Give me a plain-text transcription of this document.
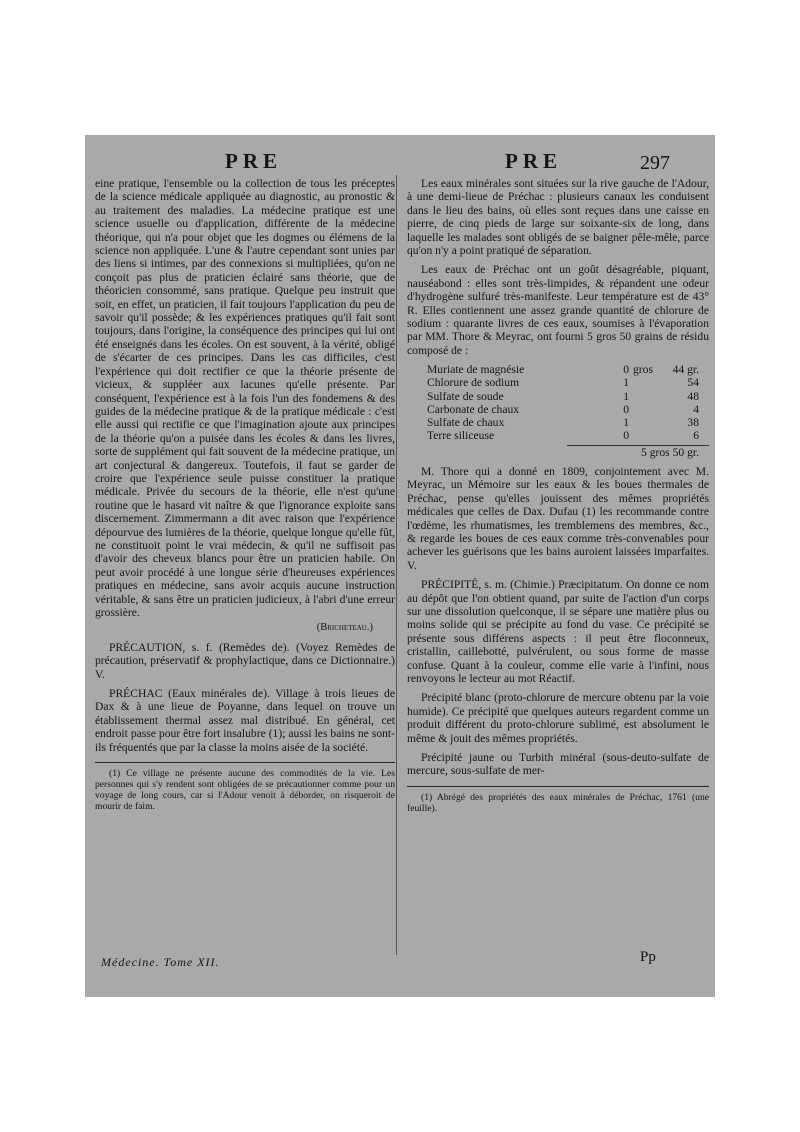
PRE	PRE	297

eine pratique, l'ensemble ou la collection de tous les préceptes de la science médicale appliquée au diagnostic, au pronostic & au traitement des maladies. La médecine pratique est une science usuelle ou d'application, différente de la médecine théorique, qui n'a pour objet que les dogmes ou élémens de la science non appliquée. L'une & l'autre cependant sont unies par des liens si intimes, par des connexions si multipliées, qu'on ne conçoit pas plus de praticien éclairé sans théorie, que de théoricien consommé, sans pratique. Quelque peu instruit que soit, en effet, un praticien, il fait toujours l'application du peu de savoir qu'il possède; & les expériences pratiques qu'il fait sont toujours, dans l'origine, la conséquence des principes qui lui ont été enseignés dans les écoles. On est souvent, à la vérité, obligé de s'écarter de ces principes. Dans les cas difficiles, c'est l'expérience qui doit rectifier ce que la théorie présente de vicieux, & suppléer aux lacunes qu'elle présente. Par conséquent, l'expérience est à la fois l'un des fondemens & des guides de la médecine pratique & de la pratique médicale : c'est elle aussi qui rectifie ce que l'imagination ajoute aux principes de la théorie qu'on a puisée dans les écoles & dans les livres, sorte de supplément qui fait souvent de la médecine pratique, un art conjectural & dangereux. Toutefois, il faut se garder de croire que l'expérience seule puisse constituer la pratique médicale. Privée du secours de la théorie, elle n'est qu'une routine que le hasard vit naître & que l'ignorance exploite sans discernement. Zimmermann a dit avec raison que l'expérience dépourvue des lumières de la théorie, quelque longue qu'elle fût, ne constituoit point le vrai médecin, & qu'il ne suffisoit pas d'avoir des cheveux blancs pour être un praticien habile. On peut avoir procédé à une longue série d'heureuses expériences pratiques en médecine, sans avoir acquis aucune instruction véritable, & sans être un praticien judicieux, à l'abri d'une erreur grossière.

(Bricheteau.)

PRÉCAUTION, s. f. (Remèdes de). (Voyez Remèdes de précaution, préservatif & prophylactique, dans ce Dictionnaire.) V.

PRÉCHAC (Eaux minérales de). Village à trois lieues de Dax & à une lieue de Poyanne, dans lequel on trouve un établissement thermal assez mal distribué. En général, cet endroit passe pour être fort insalubre (1); aussi les bains ne sont-ils fréquentés que par la classe la moins aisée de la société.

(1) Ce village ne présente aucune des commodités de la vie. Les personnes qui s'y rendent sont obligées de se précautionner comme pour un voyage de long cours, car si l'Adour venoit à déborder, on risqueroit de mourir de faim.

Les eaux minérales sont situées sur la rive gauche de l'Adour, à une demi-lieue de Préchac : plusieurs canaux les conduisent dans le lieu des bains, où elles sont reçues dans une caisse en pierre, de cinq pieds de large sur soixante-six de long, dans laquelle les malades sont obligés de se baigner pêle-mêle, parce qu'on n'y a point pratiqué de séparation.

Les eaux de Préchac ont un goût désagréable, piquant, nauséabond : elles sont très-limpides, & répandent une odeur d'hydrogène sulfuré très-manifeste. Leur température est de 43° R. Elles contiennent une assez grande quantité de chlorure de sodium : quarante livres de ces eaux, soumises à l'évaporation par MM. Thore & Meyrac, ont fourni 5 gros 50 grains de résidu composé de :

Muriate de magnésie	0	gros	44 gr.
Chlorure de sodium	1		54
Sulfate de soude	1		48
Carbonate de chaux	0		4
Sulfate de chaux	1		38
Terre siliceuse	0		6
5 gros 50 gr.

M. Thore qui a donné en 1809, conjointement avec M. Meyrac, un Mémoire sur les eaux & les boues thermales de Préchac, pense qu'elles jouissent des mêmes propriétés médicales que celles de Dax. Dufau (1) les recommande contre l'œdème, les rhumatismes, les tremblemens des membres, &c., & regarde les boues de ces eaux comme très-convenables pour achever les guérisons que les bains auroient laissées imparfaites. V.

PRÉCIPITÉ, s. m. (Chimie.) Præcipitatum. On donne ce nom au dépôt que l'on obtient quand, par suite de l'action d'un corps sur une dissolution quelconque, il se sépare une matière plus ou moins solide qui se précipite au fond du vase. Ce précipité se présente sous différens aspects : il peut être floconneux, cristallin, caillebotté, pulvérulent, ou sous forme de masse confuse. Quant à la couleur, comme elle varie à l'infini, nous renvoyons le lecteur au mot Réactif.

Précipité blanc (proto-chlorure de mercure obtenu par la voie humide). Ce précipité que quelques auteurs regardent comme un produit différent du proto-chlorure sublimé, est absolument le même & jouit des mêmes propriétés.

Précipité jaune ou Turbith minéral (sous-deuto-sulfate de mercure, sous-sulfate de mer-

(1) Abrégé des propriétés des eaux minérales de Préchac, 1761 (une feuille).

Médecine. Tome XII.	Pp
